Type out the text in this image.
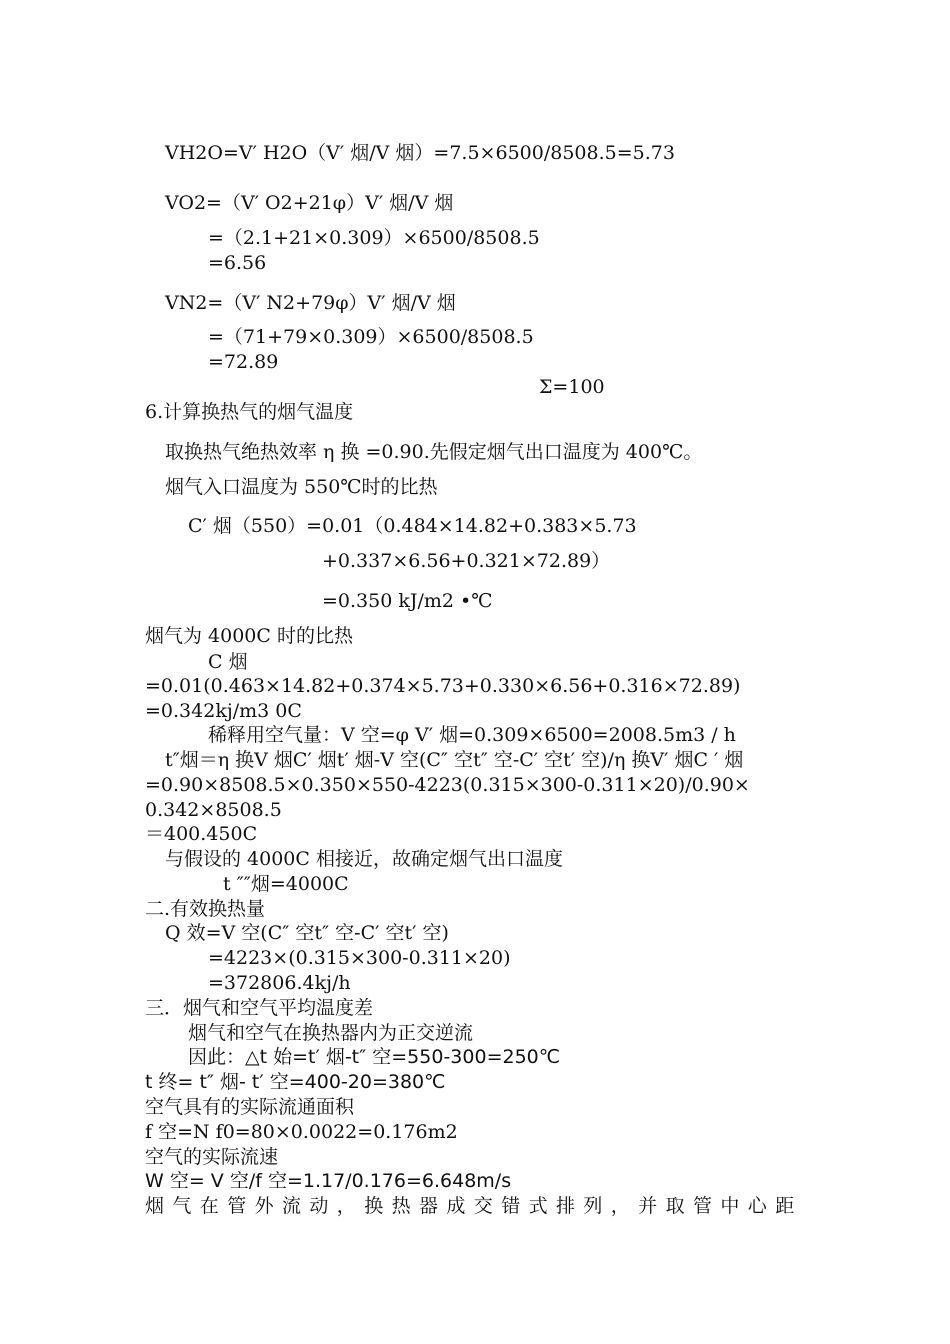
VH2O=V′ H2O（V′ 烟/V 烟）=7.5×6500/8508.5=5.73
VO2=（V′ O2+21φ）V′ 烟/V 烟
=（2.1+21×0.309）×6500/8508.5
=6.56
VN2=（V′ N2+79φ）V′ 烟/V 烟
=（71+79×0.309）×6500/8508.5
=72.89
Σ=100
6.计算换热气的烟气温度
取换热气绝热效率 η 换 =0.90.先假定烟气出口温度为 400℃。
烟气入口温度为 550℃时的比热
C′ 烟（550）=0.01（0.484×14.82+0.383×5.73
+0.337×6.56+0.321×72.89）
=0.350 kJ/m2 •℃
烟气为 4000C 时的比热
C 烟
=0.01(0.463×14.82+0.374×5.73+0.330×6.56+0.316×72.89)
=0.342kj/m3 0C
稀释用空气量：V 空=φ V′ 烟=0.309×6500=2008.5m3 / h
t″烟＝η 换V 烟C′ 烟t′ 烟-V 空(C″ 空t″ 空-C′ 空t′ 空)/η 换V′ 烟C ′ 烟
=0.90×8508.5×0.350×550-4223(0.315×300-0.311×20)/0.90×
0.342×8508.5
＝400.450C
与假设的 4000C 相接近，故确定烟气出口温度
t ″″烟=4000C
二.有效换热量
Q 效=V 空(C″ 空t″ 空-C′ 空t′ 空)
=4223×(0.315×300-0.311×20)
=372806.4kj/h
三．烟气和空气平均温度差
烟气和空气在换热器内为正交逆流
因此：△t 始=t′ 烟-t″ 空=550-300=250℃
t 终= t″ 烟- t′ 空=400-20=380℃
空气具有的实际流通面积
f 空=N f0=80×0.0022=0.176m2
空气的实际流速
W 空= V 空/f 空=1.17/0.176=6.648m/s
烟气在管外流动，换热器成交错式排列，并取管中心距
